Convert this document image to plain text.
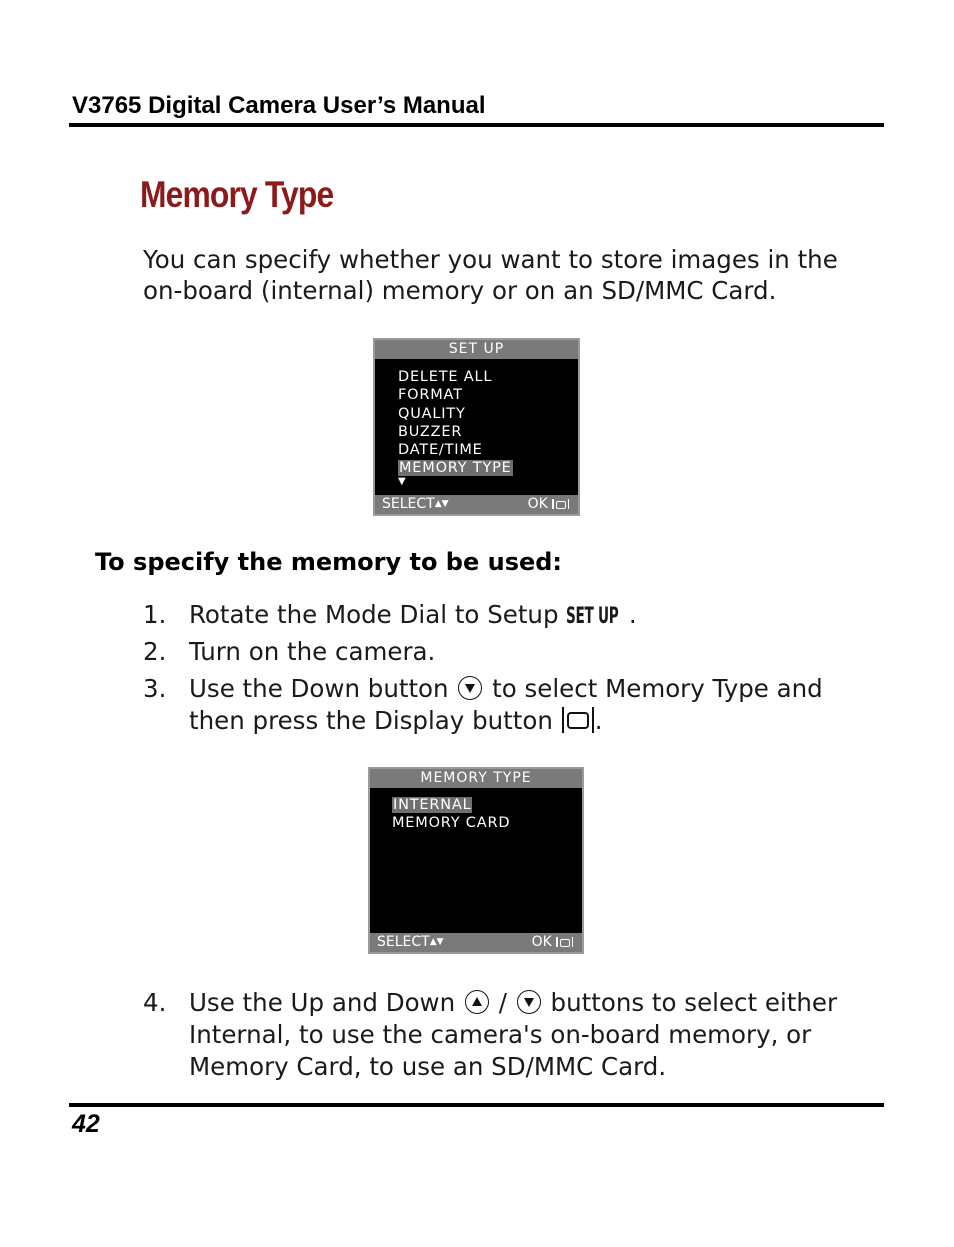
V3765 Digital Camera User’s Manual
Memory Type

You can specify whether you want to store images in the on-board (internal) memory or on an SD/MMC Card.

SET UP
DELETE ALL
FORMAT
QUALITY
BUZZER
DATE/TIME
MEMORY TYPE
▼
SELECT▲▼	OK
To specify the memory to be used:
1. Rotate the Mode Dial to Setup SET UP .
2. Turn on the camera.
3. Use the Down button
to select Memory Type and then press the Display button
.
MEMORY TYPE
INTERNAL
MEMORY CARD
SELECT▲▼	OK
4. Use the Up and Down
/
buttons to select either Internal, to use the camera's on-board memory, or Memory Card, to use an SD/MMC Card.
42
